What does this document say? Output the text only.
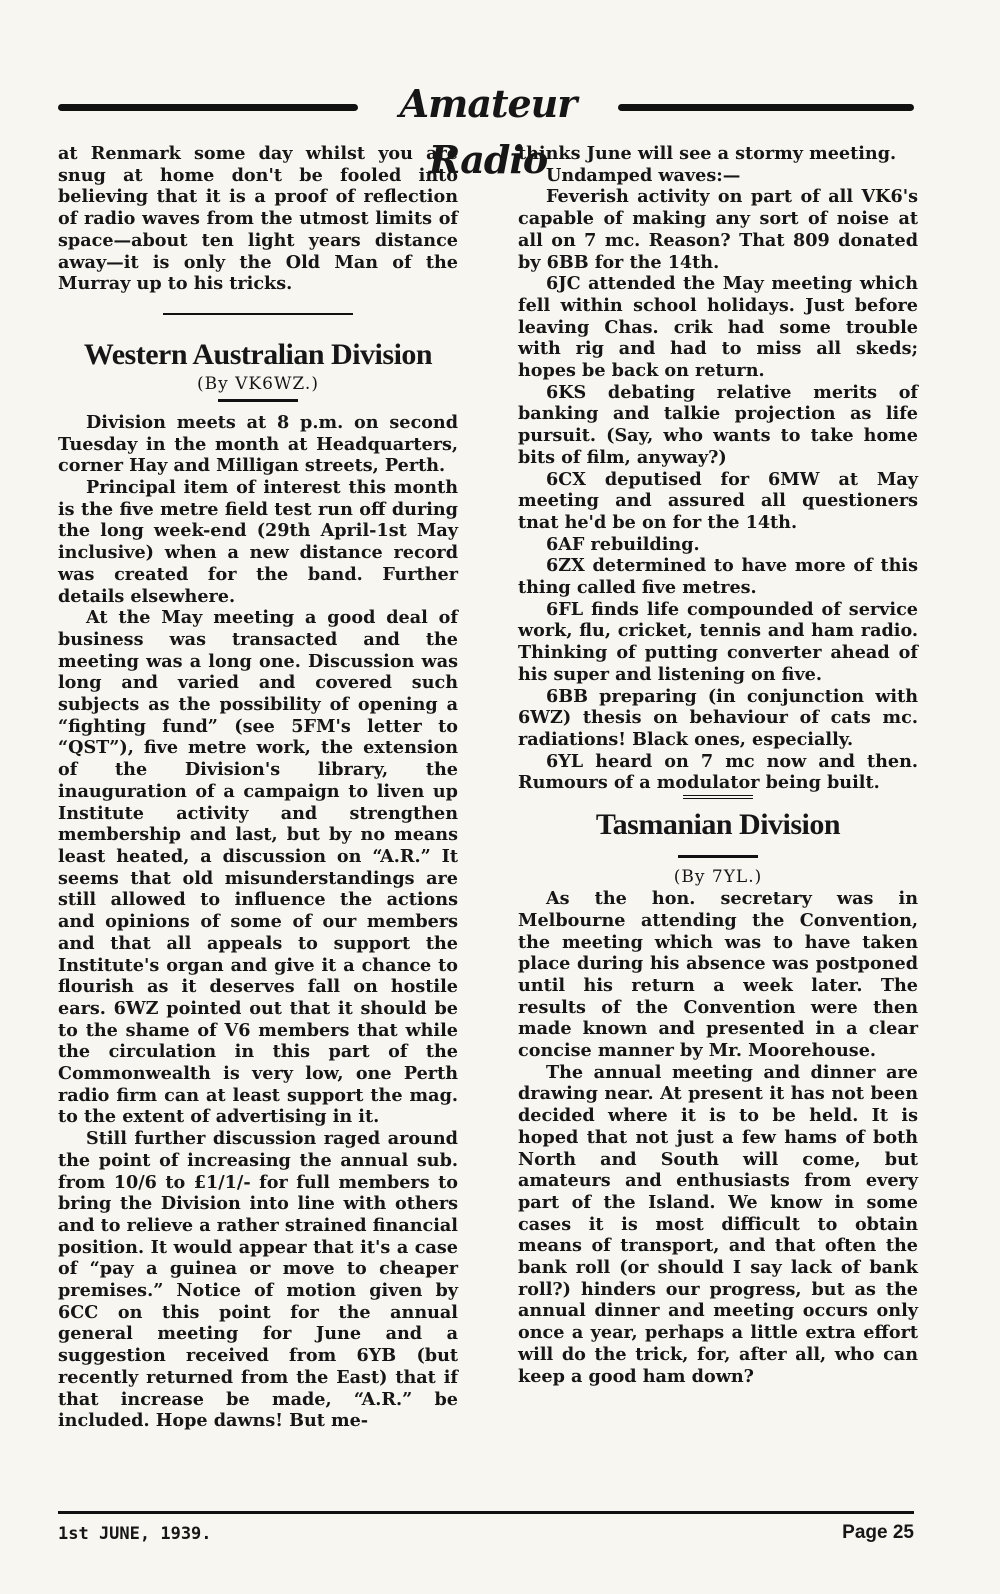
Amateur Radio

at Renmark some day whilst you are snug at home don't be fooled into believing that it is a proof of reflection of radio waves from the utmost limits of space—about ten light years distance away—it is only the Old Man of the Murray up to his tricks.

Western Australian Division

(By VK6WZ.)

Division meets at 8 p.m. on second Tuesday in the month at Headquarters, corner Hay and Milligan streets, Perth.

Principal item of interest this month is the five metre field test run off during the long week-end (29th April-1st May inclusive) when a new distance record was created for the band. Further details elsewhere.

At the May meeting a good deal of business was transacted and the meeting was a long one. Discussion was long and varied and covered such subjects as the possibility of opening a “fighting fund” (see 5FM's letter to “QST”), five metre work, the extension of the Division's library, the inauguration of a campaign to liven up Institute activity and strengthen membership and last, but by no means least heated, a discussion on “A.R.” It seems that old misunderstandings are still allowed to influence the actions and opinions of some of our members and that all appeals to support the Institute's organ and give it a chance to flourish as it deserves fall on hostile ears. 6WZ pointed out that it should be to the shame of V6 members that while the circulation in this part of the Commonwealth is very low, one Perth radio firm can at least support the mag. to the extent of advertising in it.

Still further discussion raged around the point of increasing the annual sub. from 10/6 to £1/1/- for full members to bring the Division into line with others and to relieve a rather strained financial position. It would appear that it's a case of “pay a guinea or move to cheaper premises.” Notice of motion given by 6CC on this point for the annual general meeting for June and a suggestion received from 6YB (but recently returned from the East) that if that increase be made, “A.R.” be included. Hope dawns! But me-

thinks June will see a stormy meeting.

Undamped waves:—

Feverish activity on part of all VK6's capable of making any sort of noise at all on 7 mc. Reason? That 809 donated by 6BB for the 14th.

6JC attended the May meeting which fell within school holidays. Just before leaving Chas. crik had some trouble with rig and had to miss all skeds; hopes be back on return.

6KS debating relative merits of banking and talkie projection as life pursuit. (Say, who wants to take home bits of film, anyway?)

6CX deputised for 6MW at May meeting and assured all questioners tnat he'd be on for the 14th.

6AF rebuilding.

6ZX determined to have more of this thing called five metres.

6FL finds life compounded of service work, flu, cricket, tennis and ham radio. Thinking of putting converter ahead of his super and listening on five.

6BB preparing (in conjunction with 6WZ) thesis on behaviour of cats mc. radiations! Black ones, especially.

6YL heard on 7 mc now and then. Rumours of a modulator being built.

Tasmanian Division

(By 7YL.)

As the hon. secretary was in Melbourne attending the Convention, the meeting which was to have taken place during his absence was postponed until his return a week later. The results of the Convention were then made known and presented in a clear concise manner by Mr. Moorehouse.

The annual meeting and dinner are drawing near. At present it has not been decided where it is to be held. It is hoped that not just a few hams of both North and South will come, but amateurs and enthusiasts from every part of the Island. We know in some cases it is most difficult to obtain means of transport, and that often the bank roll (or should I say lack of bank roll?) hinders our progress, but as the annual dinner and meeting occurs only once a year, perhaps a little extra effort will do the trick, for, after all, who can keep a good ham down?

1st JUNE, 1939.	Page 25
